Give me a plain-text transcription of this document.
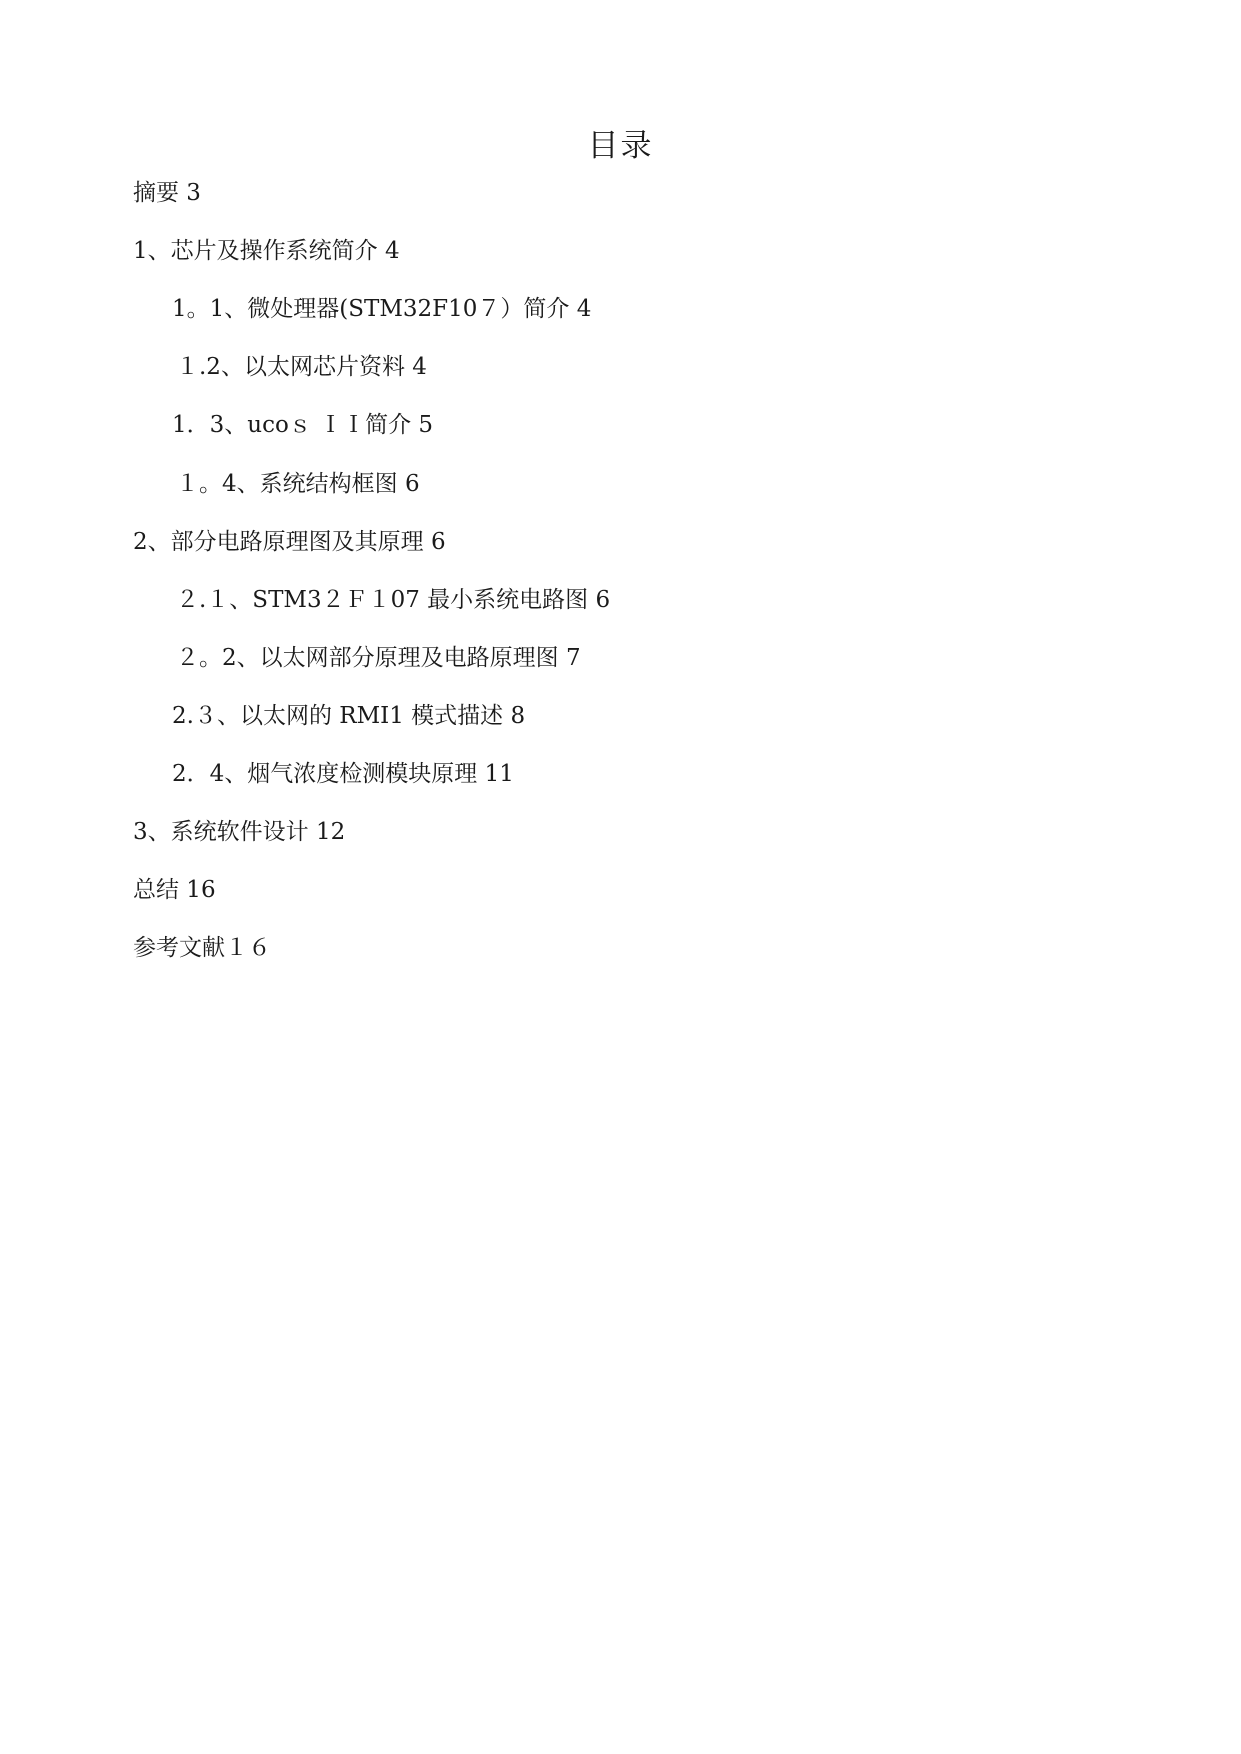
目录
摘要 3
1、芯片及操作系统简介 4
1。1、微处理器(STM32F10７）简介 4
１.2、以太网芯片资料 4
1．3、ucoｓ ＩＩ简介 5
１。4、系统结构框图 6
2、部分电路原理图及其原理 6
２.１、STM3２Ｆ１07 最小系统电路图 6
２。2、以太网部分原理及电路原理图 7
2.３、以太网的 RMI1 模式描述 8
2．4、烟气浓度检测模块原理 11
3、系统软件设计 12
总结 16
参考文献１６
